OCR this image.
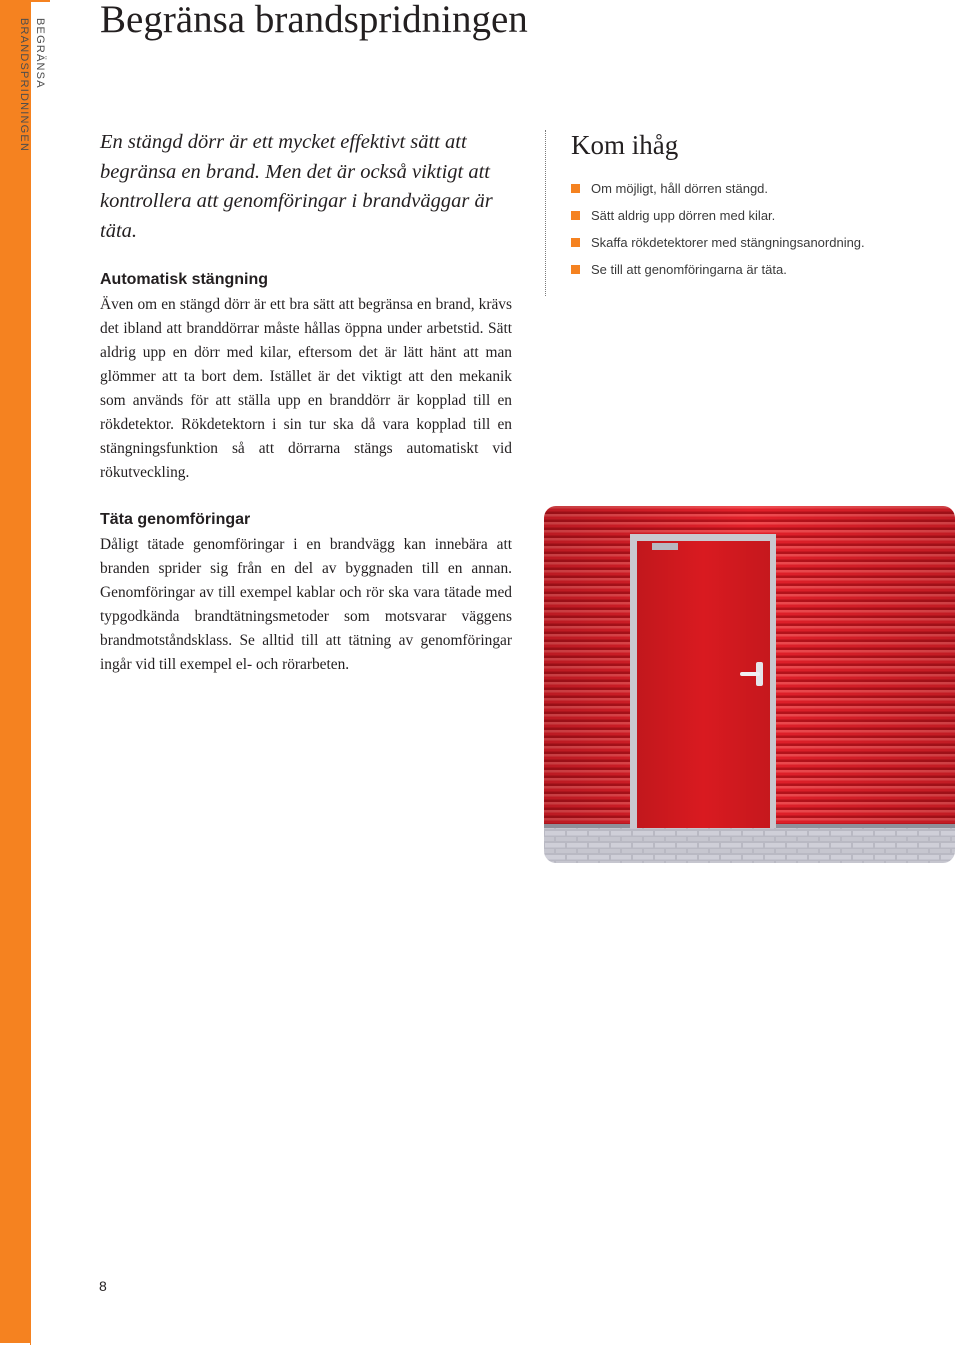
BEGRÄNSA BRANDSPRIDNINGEN	Begränsa brandspridningen

En stängd dörr är ett mycket effektivt sätt att begränsa en brand. Men det är också viktigt att kontrollera att genomföringar i brandväggar är täta.

Automatisk stängning

Även om en stängd dörr är ett bra sätt att begränsa en brand, krävs det ibland att branddörrar måste hållas öppna under arbetstid. Sätt aldrig upp en dörr med kilar, eftersom det är lätt hänt att man glömmer att ta bort dem. Istället är det viktigt att den mekanik som används för att ställa upp en branddörr är kopplad till en rökdetektor. Rökdetektorn i sin tur ska då vara kopplad till en stängningsfunktion så att dörrarna stängs automatiskt vid rökutveckling.

Täta genomföringar

Dåligt tätade genomföringar i en brandvägg kan innebära att branden sprider sig från en del av byggnaden till en annan. Genomföringar av till exempel kablar och rör ska vara tätade med typgodkända brandtätningsmetoder som motsvarar väggens brandmotståndsklass. Se alltid till att tätning av genomföringar ingår vid till exempel el- och rörarbeten.

Kom ihåg
Om möjligt, håll dörren stängd.
Sätt aldrig upp dörren med kilar.
Skaffa rökdetektorer med stängningsanordning.
Se till att genomföringarna är täta.
8
